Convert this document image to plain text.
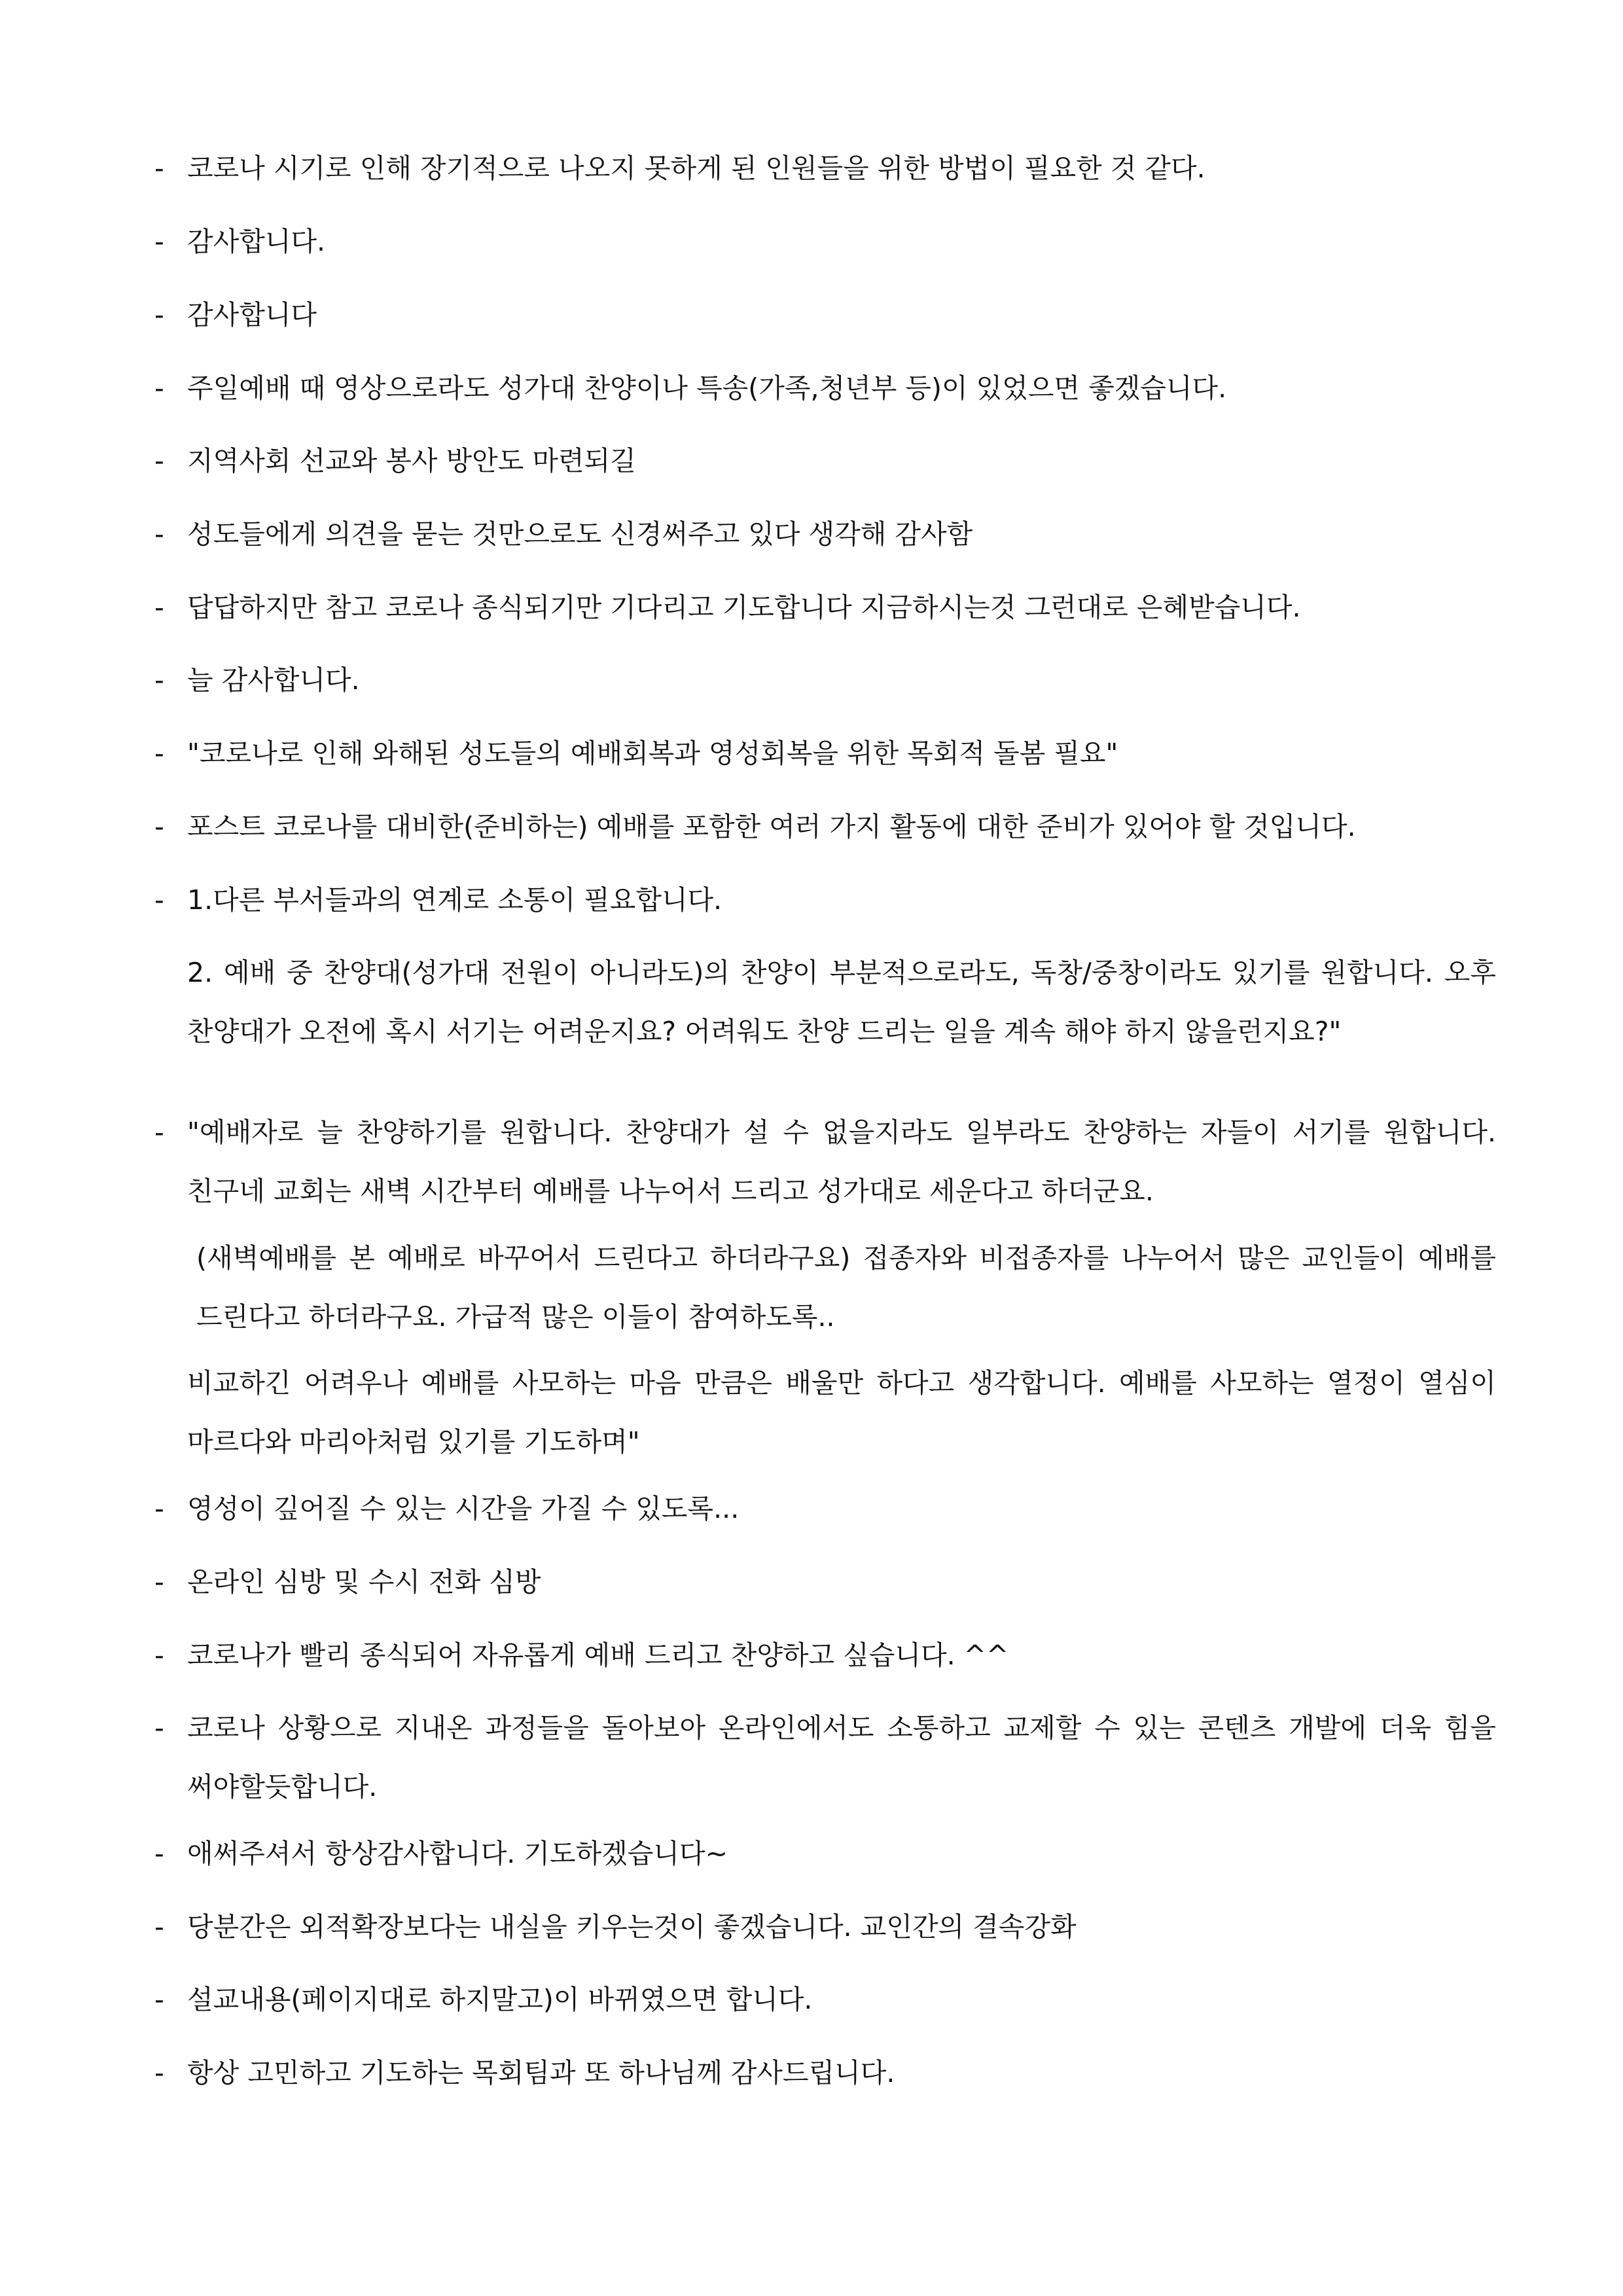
- 코로나 시기로 인해 장기적으로 나오지 못하게 된 인원들을 위한 방법이 필요한 것 같다.
- 감사합니다.
- 감사합니다
- 주일예배 때 영상으로라도 성가대 찬양이나 특송(가족,청년부 등)이 있었으면 좋겠습니다.
- 지역사회 선교와 봉사 방안도 마련되길
- 성도들에게 의견을 묻는 것만으로도 신경써주고 있다 생각해 감사함
- 답답하지만 참고 코로나 종식되기만 기다리고 기도합니다 지금하시는것 그런대로 은혜받습니다.
- 늘 감사합니다.
- "코로나로 인해 와해된 성도들의 예배회복과 영성회복을 위한 목회적 돌봄 필요"
- 포스트 코로나를 대비한(준비하는) 예배를 포함한 여러 가지 활동에 대한 준비가 있어야 할 것입니다.
- 1.다른 부서들과의 연계로 소통이 필요합니다.
2. 예배 중 찬양대(성가대 전원이 아니라도)의 찬양이 부분적으로라도, 독창/중창이라도 있기를 원합니다. 오후 찬양대가 오전에 혹시 서기는 어려운지요? 어려워도 찬양 드리는 일을 계속 해야 하지 않을런지요?"
- "예배자로 늘 찬양하기를 원합니다. 찬양대가 설 수 없을지라도 일부라도 찬양하는 자들이 서기를 원합니다. 친구네 교회는 새벽 시간부터 예배를 나누어서 드리고 성가대로 세운다고 하더군요.
(새벽예배를 본 예배로 바꾸어서 드린다고 하더라구요) 접종자와 비접종자를 나누어서 많은 교인들이 예배를 드린다고 하더라구요. 가급적 많은 이들이 참여하도록..
비교하긴 어려우나 예배를 사모하는 마음 만큼은 배울만 하다고 생각합니다. 예배를 사모하는 열정이 열심이 마르다와 마리아처럼 있기를 기도하며"
- 영성이 깊어질 수 있는 시간을 가질 수 있도록...
- 온라인 심방 및 수시 전화 심방
- 코로나가 빨리 종식되어 자유롭게 예배 드리고 찬양하고 싶습니다. ^^
- 코로나 상황으로 지내온 과정들을 돌아보아 온라인에서도 소통하고 교제할 수 있는 콘텐츠 개발에 더욱 힘을 써야할듯합니다.
- 애써주셔서 항상감사합니다. 기도하겠습니다~
- 당분간은 외적확장보다는 내실을 키우는것이 좋겠습니다. 교인간의 결속강화
- 설교내용(페이지대로 하지말고)이 바뀌였으면 합니다.
- 항상 고민하고 기도하는 목회팀과 또 하나님께 감사드립니다.
